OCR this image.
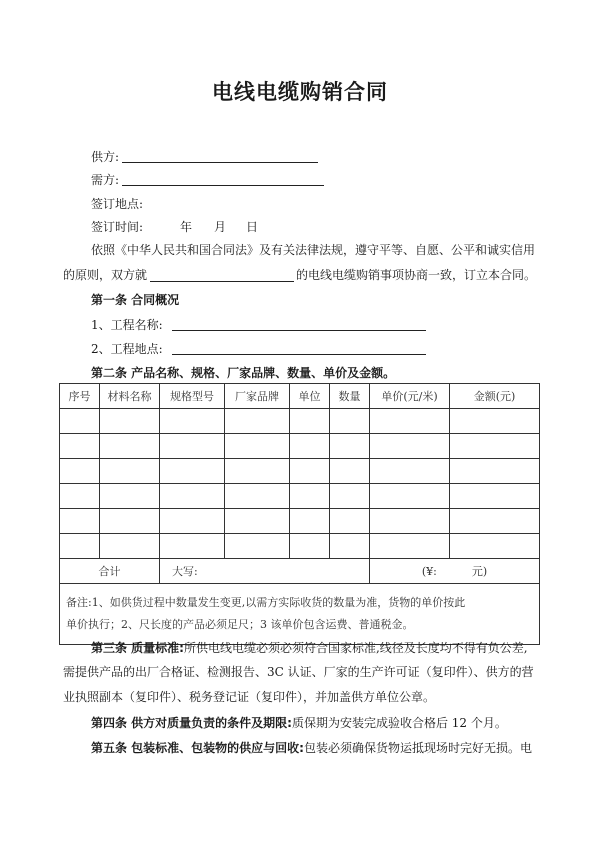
电线电缆购销合同
供方:
需方:
签订地点:
签订时间:	年 月 日
依照《中华人民共和国合同法》及有关法律法规，遵守平等、自愿、公平和诚实信用
的原则，双方就	的电线电缆购销事项协商一致，订立本合同。
第一条 合同概况
1、工程名称:
2、工程地点:
第二条 产品名称、规格、厂家品牌、数量、单价及金额。
序号	材料名称	规格型号	厂家品牌	单位	数量	单价(元/米)	金额(元)

合计		大写:				(¥:          元)	

备注:1、如供货过程中数量发生变更,以需方实际收货的数量为准，货物的单价按此
单价执行；2、尺长度的产品必须足尺；3 该单价包含运费、普通税金。							
第三条 质量标准:所供电线电缆必须必须符合国家标准,线径及长度均不得有负公差,
需提供产品的出厂合格证、检测报告、3C 认证、厂家的生产许可证（复印件）、供方的营
业执照副本（复印件）、税务登记证（复印件），并加盖供方单位公章。
第四条 供方对质量负责的条件及期限:质保期为安装完成验收合格后 12 个月。
第五条 包装标准、包装物的供应与回收:包装必须确保货物运抵现场时完好无损。电
